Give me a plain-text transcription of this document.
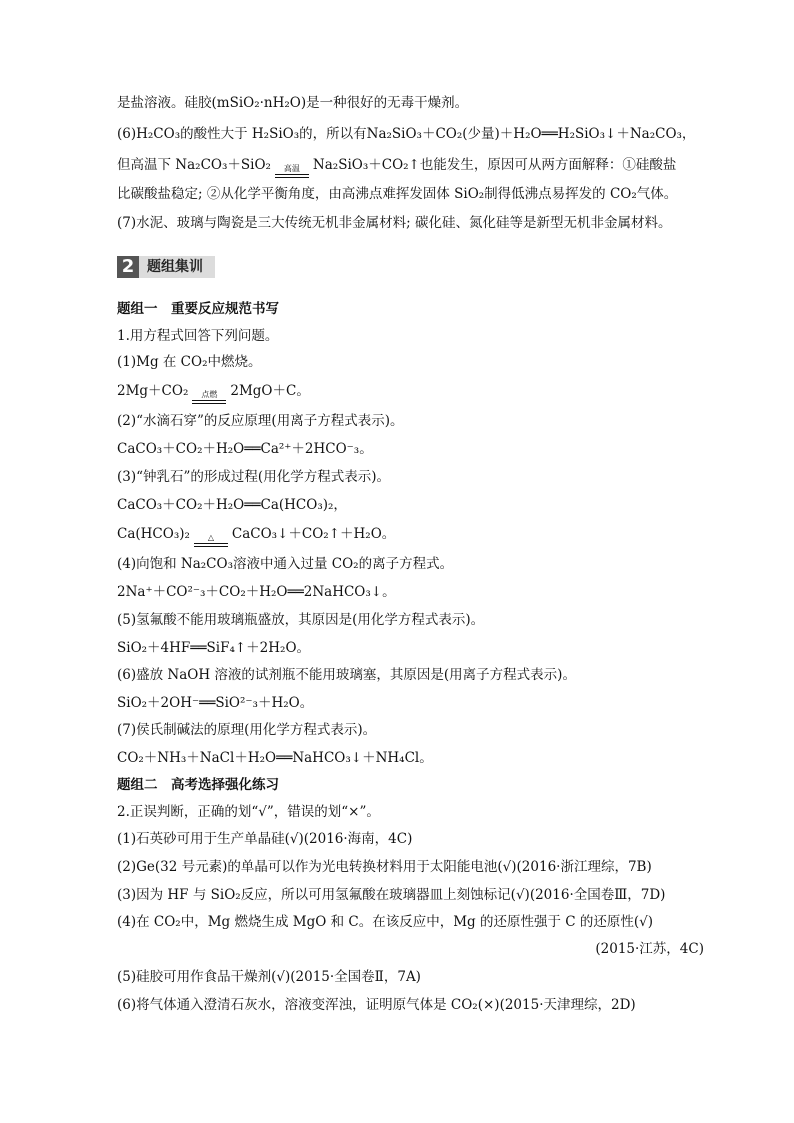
是盐溶液。硅胶(mSiO₂·nH₂O)是一种很好的无毒干燥剂。
(6)H₂CO₃的酸性大于 H₂SiO₃的，所以有Na₂SiO₃＋CO₂(少量)＋H₂O══H₂SiO₃↓＋Na₂CO₃，
但高温下 Na₂CO₃＋SiO₂	高温 Na₂SiO₃＋CO₂↑也能发生，原因可从两方面解释：①硅酸盐
比碳酸盐稳定; ②从化学平衡角度，由高沸点难挥发固体 SiO₂制得低沸点易挥发的 CO₂气体。
(7)水泥、玻璃与陶瓷是三大传统无机非金属材料; 碳化硅、氮化硅等是新型无机非金属材料。
2 题组集训
题组一　重要反应规范书写
1.用方程式回答下列问题。
(1)Mg 在 CO₂中燃烧。
2Mg＋CO₂	点燃 2MgO＋C。
(2)“水滴石穿”的反应原理(用离子方程式表示)。
CaCO₃＋CO₂＋H₂O══Ca²⁺＋2HCO⁻₃。
(3)“钟乳石”的形成过程(用化学方程式表示)。
CaCO₃＋CO₂＋H₂O══Ca(HCO₃)₂，
Ca(HCO₃)₂	△	CaCO₃↓＋CO₂↑＋H₂O。
(4)向饱和 Na₂CO₃溶液中通入过量 CO₂的离子方程式。
2Na⁺＋CO²⁻₃＋CO₂＋H₂O══2NaHCO₃↓。
(5)氢氟酸不能用玻璃瓶盛放，其原因是(用化学方程式表示)。
SiO₂＋4HF══SiF₄↑＋2H₂O。
(6)盛放 NaOH 溶液的试剂瓶不能用玻璃塞，其原因是(用离子方程式表示)。
SiO₂＋2OH⁻══SiO²⁻₃＋H₂O。
(7)侯氏制碱法的原理(用化学方程式表示)。
CO₂＋NH₃＋NaCl＋H₂O══NaHCO₃↓＋NH₄Cl。
题组二　高考选择强化练习
2.正误判断，正确的划“√”，错误的划“×”。
(1)石英砂可用于生产单晶硅(√)(2016·海南，4C)
(2)Ge(32 号元素)的单晶可以作为光电转换材料用于太阳能电池(√)(2016·浙江理综，7B)
(3)因为 HF 与 SiO₂反应，所以可用氢氟酸在玻璃器皿上刻蚀标记(√)(2016·全国卷Ⅲ，7D)
(4)在 CO₂中，Mg 燃烧生成 MgO 和 C。在该反应中，Mg 的还原性强于 C 的还原性(√)
(2015·江苏，4C)
(5)硅胶可用作食品干燥剂(√)(2015·全国卷Ⅱ，7A)
(6)将气体通入澄清石灰水，溶液变浑浊，证明原气体是 CO₂(×)(2015·天津理综，2D)
